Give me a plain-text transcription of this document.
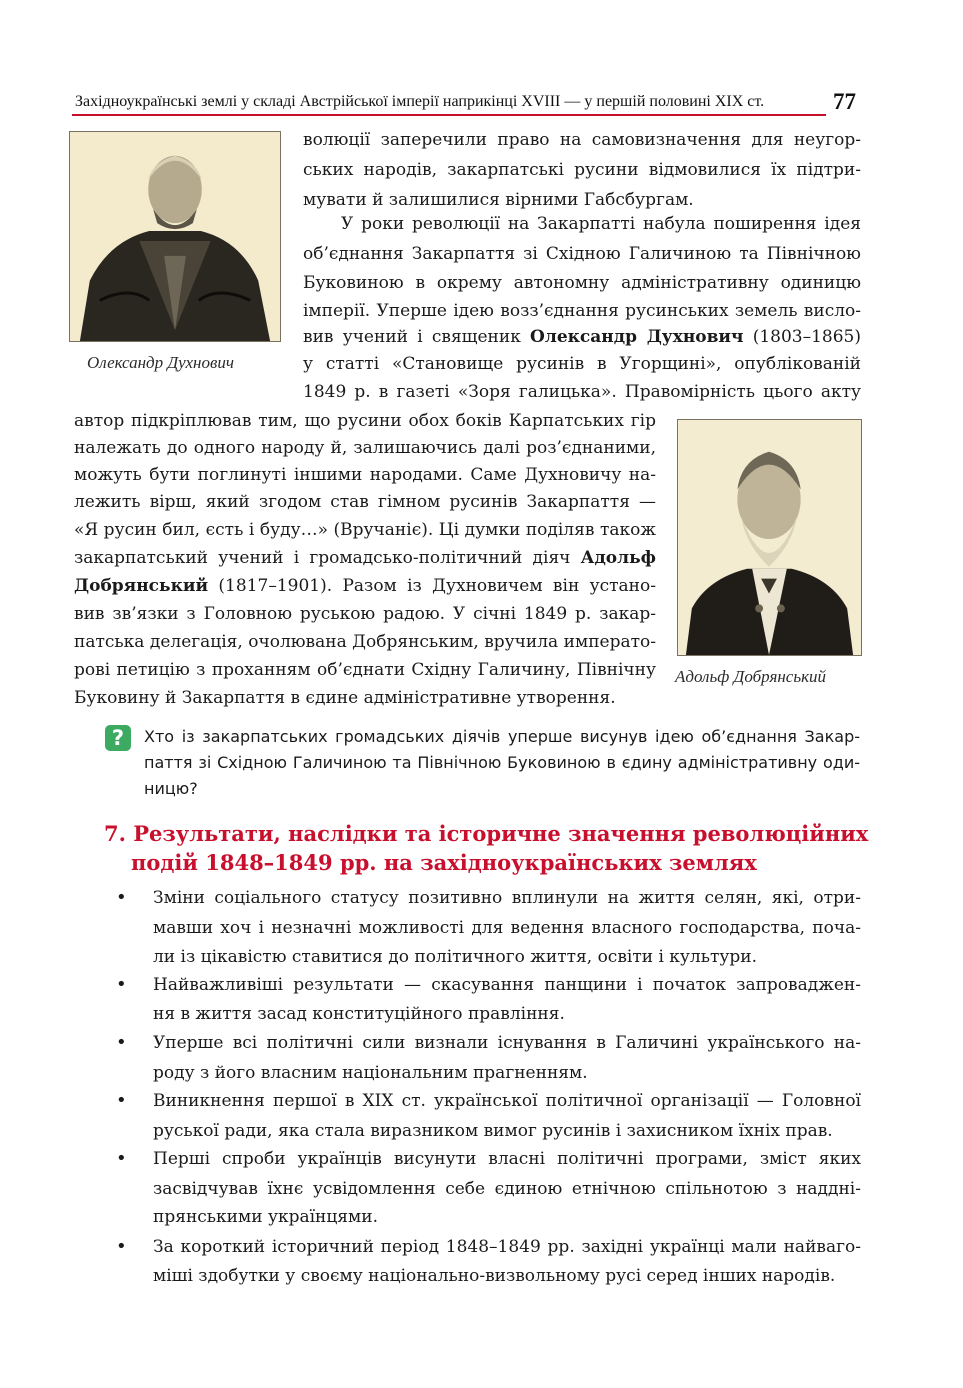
Західноукраїнські землі у складі Австрійської імперії наприкінці XVIII — у першій половині XIX ст.	77
Олександр Духнович
Адольф Добрянський
волюції заперечили право на самовизначення для неугор-
ських народів, закарпатські русини відмовилися їх підтри-
мувати й залишилися вірними Габсбургам.
У роки революції на Закарпатті набула поширення ідея
об’єднання Закарпаття зі Східною Галичиною та Північною
Буковиною в окрему автономну адміністративну одиницю
імперії. Уперше ідею возз’єднання русинських земель висло-
вив учений і священик Олександр Духнович (1803–1865)
у статті «Становище русинів в Угорщині», опублікованій
1849 р. в газеті «Зоря галицька». Правомірність цього акту
автор підкріплював тим, що русини обох боків Карпатських гір
належать до одного народу й, залишаючись далі роз’єднаними,
можуть бути поглинуті іншими народами. Саме Духновичу на-
лежить вірш, який згодом став гімном русинів Закарпаття —
«Я русин бил, єсть і буду…» (Вручаніє). Ці думки поділяв також
закарпатський учений і громадсько-політичний діяч Адольф
Добрянський (1817–1901). Разом із Духновичем він устано-
вив зв’язки з Головною руською радою. У січні 1849 р. закар-
патська делегація, очолювана Добрянським, вручила императо-
рові петицію з проханням об’єднати Східну Галичину, Північну
Буковину й Закарпаття в єдине адміністративне утворення.
?	Хто із закарпатських громадських діячів уперше висунув ідею об’єднання Закар-
паття зі Східною Галичиною та Північною Буковиною в єдину адміністративну оди-
ницю?
7. Результати, наслідки та історичне значення революційних
подій 1848–1849 рр. на західноукраїнських землях
• Зміни соціального статусу позитивно вплинули на життя селян, які, отри-
мавши хоч і незначні можливості для ведення власного господарства, поча-
ли із цікавістю ставитися до політичного життя, освіти і культури.
• Найважливіші результати — скасування панщини і початок запроваджен-
ня в життя засад конституційного правління.
• Уперше всі політичні сили визнали існування в Галичині українського на-
роду з його власним національним прагненням.
• Виникнення першої в XIX ст. української політичної організації — Головної
руської ради, яка стала виразником вимог русинів і захисником їхніх прав.
• Перші спроби українців висунути власні політичні програми, зміст яких
засвідчував їхнє усвідомлення себе єдиною етнічною спільнотою з наддні-
прянськими українцями.
• За короткий історичний період 1848–1849 рр. західні українці мали найваго-
міші здобутки у своєму національно-визвольному русі серед інших народів.
